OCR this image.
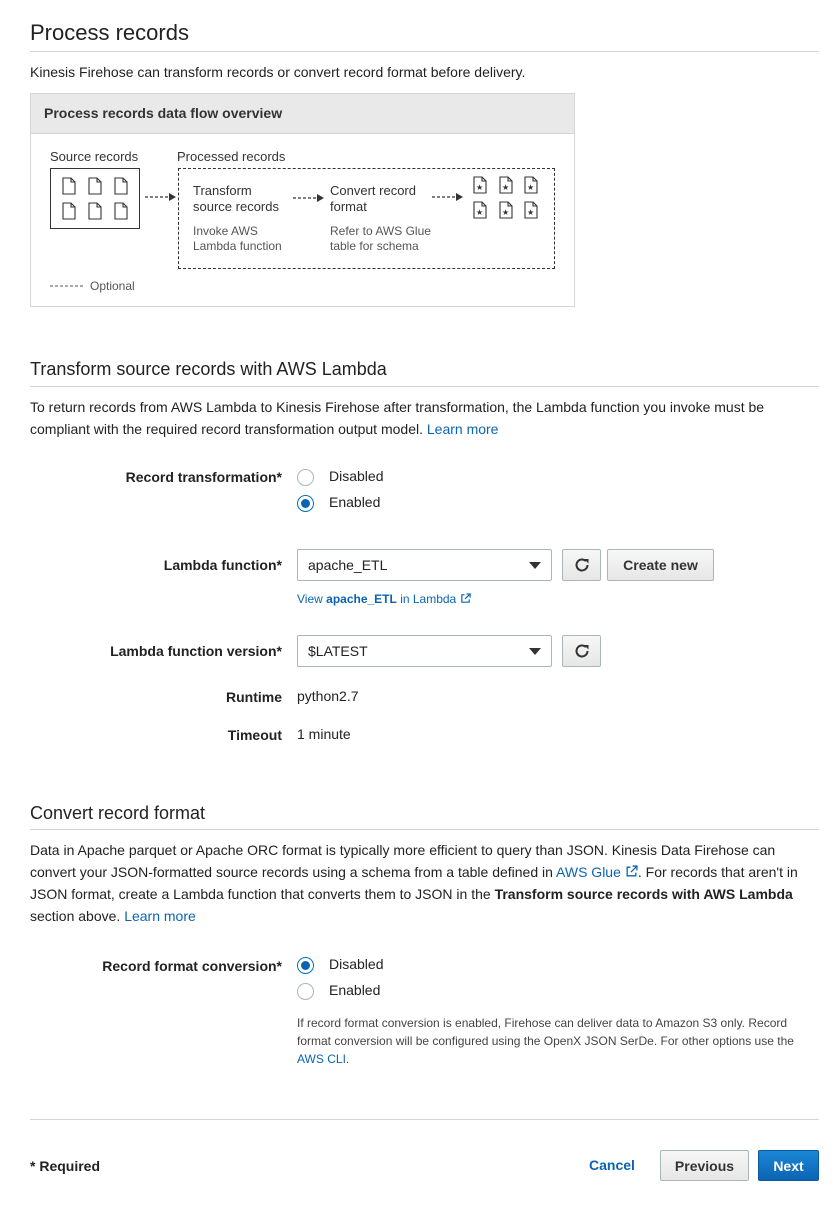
Process records
Kinesis Firehose can transform records or convert record format before delivery.
Process records data flow overview
Source records	Processed records
Transform
source records
Invoke AWS
Lambda function
Convert record
format
Refer to AWS Glue
table for schema
★ ★ ★
★ ★ ★
Optional
Transform source records with AWS Lambda
To return records from AWS Lambda to Kinesis Firehose after transformation, the Lambda function you invoke must be
compliant with the required record transformation output model. Learn more
Record transformation*	Disabled
Enabled
Lambda function*	apache_ETL	Create new
View apache_ETL in Lambda
Lambda function version*	$LATEST
Runtime python2.7
Timeout 1 minute
Convert record format
Data in Apache parquet or Apache ORC format is typically more efficient to query than JSON. Kinesis Data Firehose can
convert your JSON-formatted source records using a schema from a table defined in AWS Glue . For records that aren't in
JSON format, create a Lambda function that converts them to JSON in the Transform source records with AWS Lambda
section above. Learn more
Record format conversion*	Disabled
Enabled
If record format conversion is enabled, Firehose can deliver data to Amazon S3 only. Record
format conversion will be configured using the OpenX JSON SerDe. For other options use the
AWS CLI.
* Required	Cancel	Previous	Next
